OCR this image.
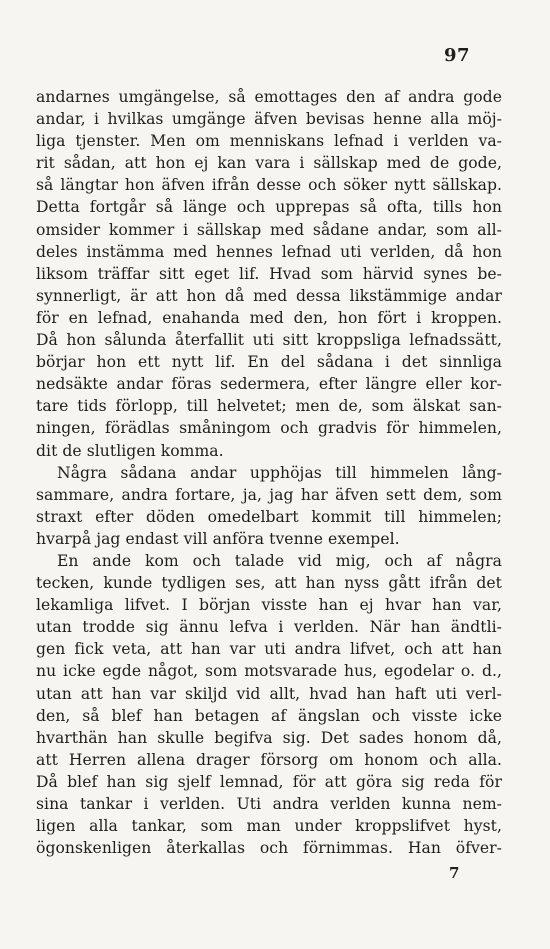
97
andarnes umgängelse, så emottages den af andra gode
andar, i hvilkas umgänge äfven bevisas henne alla möj-
liga tjenster. Men om menniskans lefnad i verlden va-
rit sådan, att hon ej kan vara i sällskap med de gode,
så längtar hon äfven ifrån desse och söker nytt sällskap.
Detta fortgår så länge och upprepas så ofta, tills hon
omsider kommer i sällskap med sådane andar, som all-
deles instämma med hennes lefnad uti verlden, då hon
liksom träffar sitt eget lif. Hvad som härvid synes be-
synnerligt, är att hon då med dessa likstämmige andar
för en lefnad, enahanda med den, hon fört i kroppen.
Då hon sålunda återfallit uti sitt kroppsliga lefnadssätt,
börjar hon ett nytt lif. En del sådana i det sinnliga
nedsäkte andar föras sedermera, efter längre eller kor-
tare tids förlopp, till helvetet; men de, som älskat san-
ningen, förädlas småningom och gradvis för himmelen,
dit de slutligen komma.
Några sådana andar upphöjas till himmelen lång-
sammare, andra fortare, ja, jag har äfven sett dem, som
straxt efter döden omedelbart kommit till himmelen;
hvarpå jag endast vill anföra tvenne exempel.
En ande kom och talade vid mig, och af några
tecken, kunde tydligen ses, att han nyss gått ifrån det
lekamliga lifvet. I början visste han ej hvar han var,
utan trodde sig ännu lefva i verlden. När han ändtli-
gen fick veta, att han var uti andra lifvet, och att han
nu icke egde något, som motsvarade hus, egodelar o. d.,
utan att han var skiljd vid allt, hvad han haft uti verl-
den, så blef han betagen af ängslan och visste icke
hvarthän han skulle begifva sig. Det sades honom då,
att Herren allena drager försorg om honom och alla.
Då blef han sig sjelf lemnad, för att göra sig reda för
sina tankar i verlden. Uti andra verlden kunna nem-
ligen alla tankar, som man under kroppslifvet hyst,
ögonskenligen återkallas och förnimmas. Han öfver-
7
